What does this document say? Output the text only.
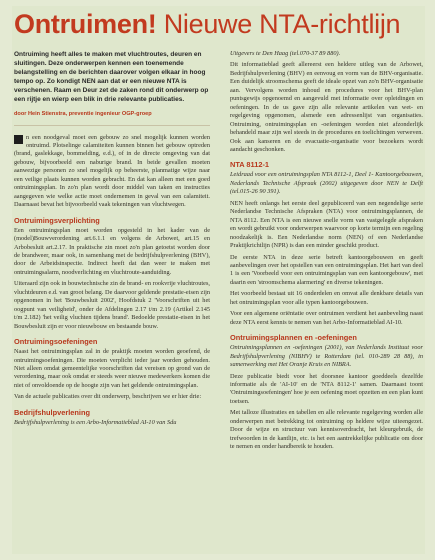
Ontruimen! Nieuwe NTA-richtlijn

Ontruiming heeft alles te maken met vluchtroutes, deuren en sluitingen. Deze onderwerpen kennen een toenemende belangstelling en de berichten daarover volgen elkaar in hoog tempo op. Zo kondigt NEN aan dat er een nieuwe NTA is verschenen. Raam en Deur zet de zaken rond dit onderwerp op een rijtje en wierp een blik in drie relevante publicaties.

door Hein Stienstra, preventie ingenieur OGP-groep

n een noodgeval moet een gebouw zo snel mogelijk kunnen worden ontruimd. Plotselinge calamiteiten kunnen binnen het gebouw optreden (brand, gaslekkage, bommelding, e.d.), of in de directe omgeving van dat gebouw, bijvoorbeeld een naburige brand. In beide gevallen moeten aanwezige personen zo snel mogelijk op beheerste, planmatige wijze naar een veilige plaats kunnen worden gebracht. En dat kan alleen met een goed ontruimingsplan. In zo'n plan wordt door middel van taken en instructies aangegeven wie welke actie moet ondernemen in geval van een calamiteit. Daarnaast bevat het bijvoorbeeld vaak tekeningen van vluchtwegen.

Ontruimingsverplichting

Een ontruimingsplan moet worden opgesteld in het kader van de (model)Bouwverordening art.6.1.1 en volgens de Arbowet, art.15 en Arbobesluit art.2.17. In praktische zin moet zo'n plan getoetst worden door de brandweer, maar ook, in samenhang met de bedrijfshulpverlening (BHV), door de Arbeidsinspectie. Indirect heeft dat dan weer te maken met ontruimingsalarm, noodverlichting en vluchtroute-aanduiding.

Uiteraard zijn ook in bouwtechnische zin de brand- en rookvrije vluchtroutes, vluchtdeuren e.d. van groot belang. De daarvoor geldende prestatie-eisen zijn opgenomen in het 'Bouwbesluit 2002', Hoofdstuk 2 'Voorschriften uit het oogpunt van veiligheid', onder de Afdelingen 2.17 t/m 2.19 (Artikel 2.145 t/m 2.182) 'het veilig vluchten tijdens brand'. Bedoelde prestatie-eisen in het Bouwbesluit zijn er voor nieuwbouw en bestaande bouw.

Ontruimingsoefeningen

Naast het ontruimingsplan zal in de praktijk moeten worden geoefend, de ontruimingsoefeningen. Die moeten verplicht ieder jaar worden gehouden. Niet alleen omdat gemeentelijke voorschriften dat vereisen op grond van de verordening, maar ook omdat er steeds weer nieuwe medewerkers komen die niet of onvoldoende op de hoogte zijn van het geldende ontruimingsplan.

Van de actuele publicaties over dit onderwerp, beschrijven we er hier drie:

Bedrijfshulpverlening

Bedrijfshulpverlening is een Arbo-Informatieblad AI-10 van Sdu

Uitgevers te Den Haag (tel.070-37 89 880).

Dit informatieblad geeft allereerst een heldere uitleg van de Arbowet, Bedrijfshulpverlening (BHV) en eenvoug en vorm van de BHV-organisatie. Een duidelijk stroomschema geeft de ideale opzet van zo'n BHV-organisatie aan. Vervolgens worden inhoud en procedures voor het BHV-plan puntsgewijs opgenoemd en aangevuld met informatie over opleidingen en oefeningen. In de us gave zijn alle relevante artikelen van wet- en regelgeving opgenomen, alsmede een adressenlijst van organisaties. Ontruiming, ontruimingsplan en -oefeningen worden niet afzonderlijk behandeld maar zijn wel steeds in de procedures en toelichtingen verweven. Ook aan kanseren en de evacuatie-organisatie voor bezoekers wordt aandacht geschonken.

NTA 8112-1

Leidraad voor een ontruimingsplan NTA 8112-1, Deel 1- Kantoorgebouwen, Nederlands Technische Afspraak (2002) uitgegeven door NEN te Delft (tel.015-26 90 391).

NEN heeft onlangs het eerste deel gepubliceerd van een negendelige serie Nederlandse Technische Afspraken (NTA) voor ontruimingsplannen, de NTA 8112. Een NTA is een nieuwe snelle vorm van vastgelegde afspraken en wordt gebruikt voor onderwerpen waarvoor op korte termijn een regeling noodzakelijk is. Een Nederlandse norm (NEN) of een Nederlandse Praktijkrichtlijn (NPR) is dan een minder geschikt product.

De eerste NTA in deze serie betreft kantoorgebouwen en geeft aanbevelingen over het opstellen van een ontruimingsplan. Het hart van deel 1 is een 'Voorbeeld voor een ontruimingsplan van een kantoorgebouw', met daarin een 'stroomschema alarmering' en diverse tekeningen.

Het voorbeeld bestaat uit 16 onderdelen en omvat alle denkbare details van het ontruimingsplan voor alle typen kantoorgebouwen.

Voor een algemene oriëntatie over ontruimen verdient het aanbeveling naast deze NTA eerst kennis te nemen van het Arbo-Informatieblad AI-10.

Ontruimingsplannen en -oefeningen

Ontruimingsplannen en -oefeningen (2001), van Nederlands Instituut voor Bedrijfshulpverlening (NIBHV) te Rotterdam (tel. 010-289 28 88), in samenwerking met Het Oranje Kruis en NIBRA.

Deze publicatie biedt voor het doorsnee kantoor goeddeels dezelfde informatie als de 'AI-10' en de 'NTA 8112-1' samen. Daarnaast toont 'Ontruimingsoefeningen' hoe je een oefening moet opzetten en een plan kunt toetsen.

Met talloze illustraties en tabellen en alle relevante regelgeving worden alle onderwerpen met betrekking tot ontruiming op heldere wijze uiteengezet. Door de wijze en structuur van kennisoverdracht, het kleurgebruik, de trefwoorden in de kantlijn, etc. is het een aantrekkelijke publicatie om door te nemen en onder handbereik te houden.
